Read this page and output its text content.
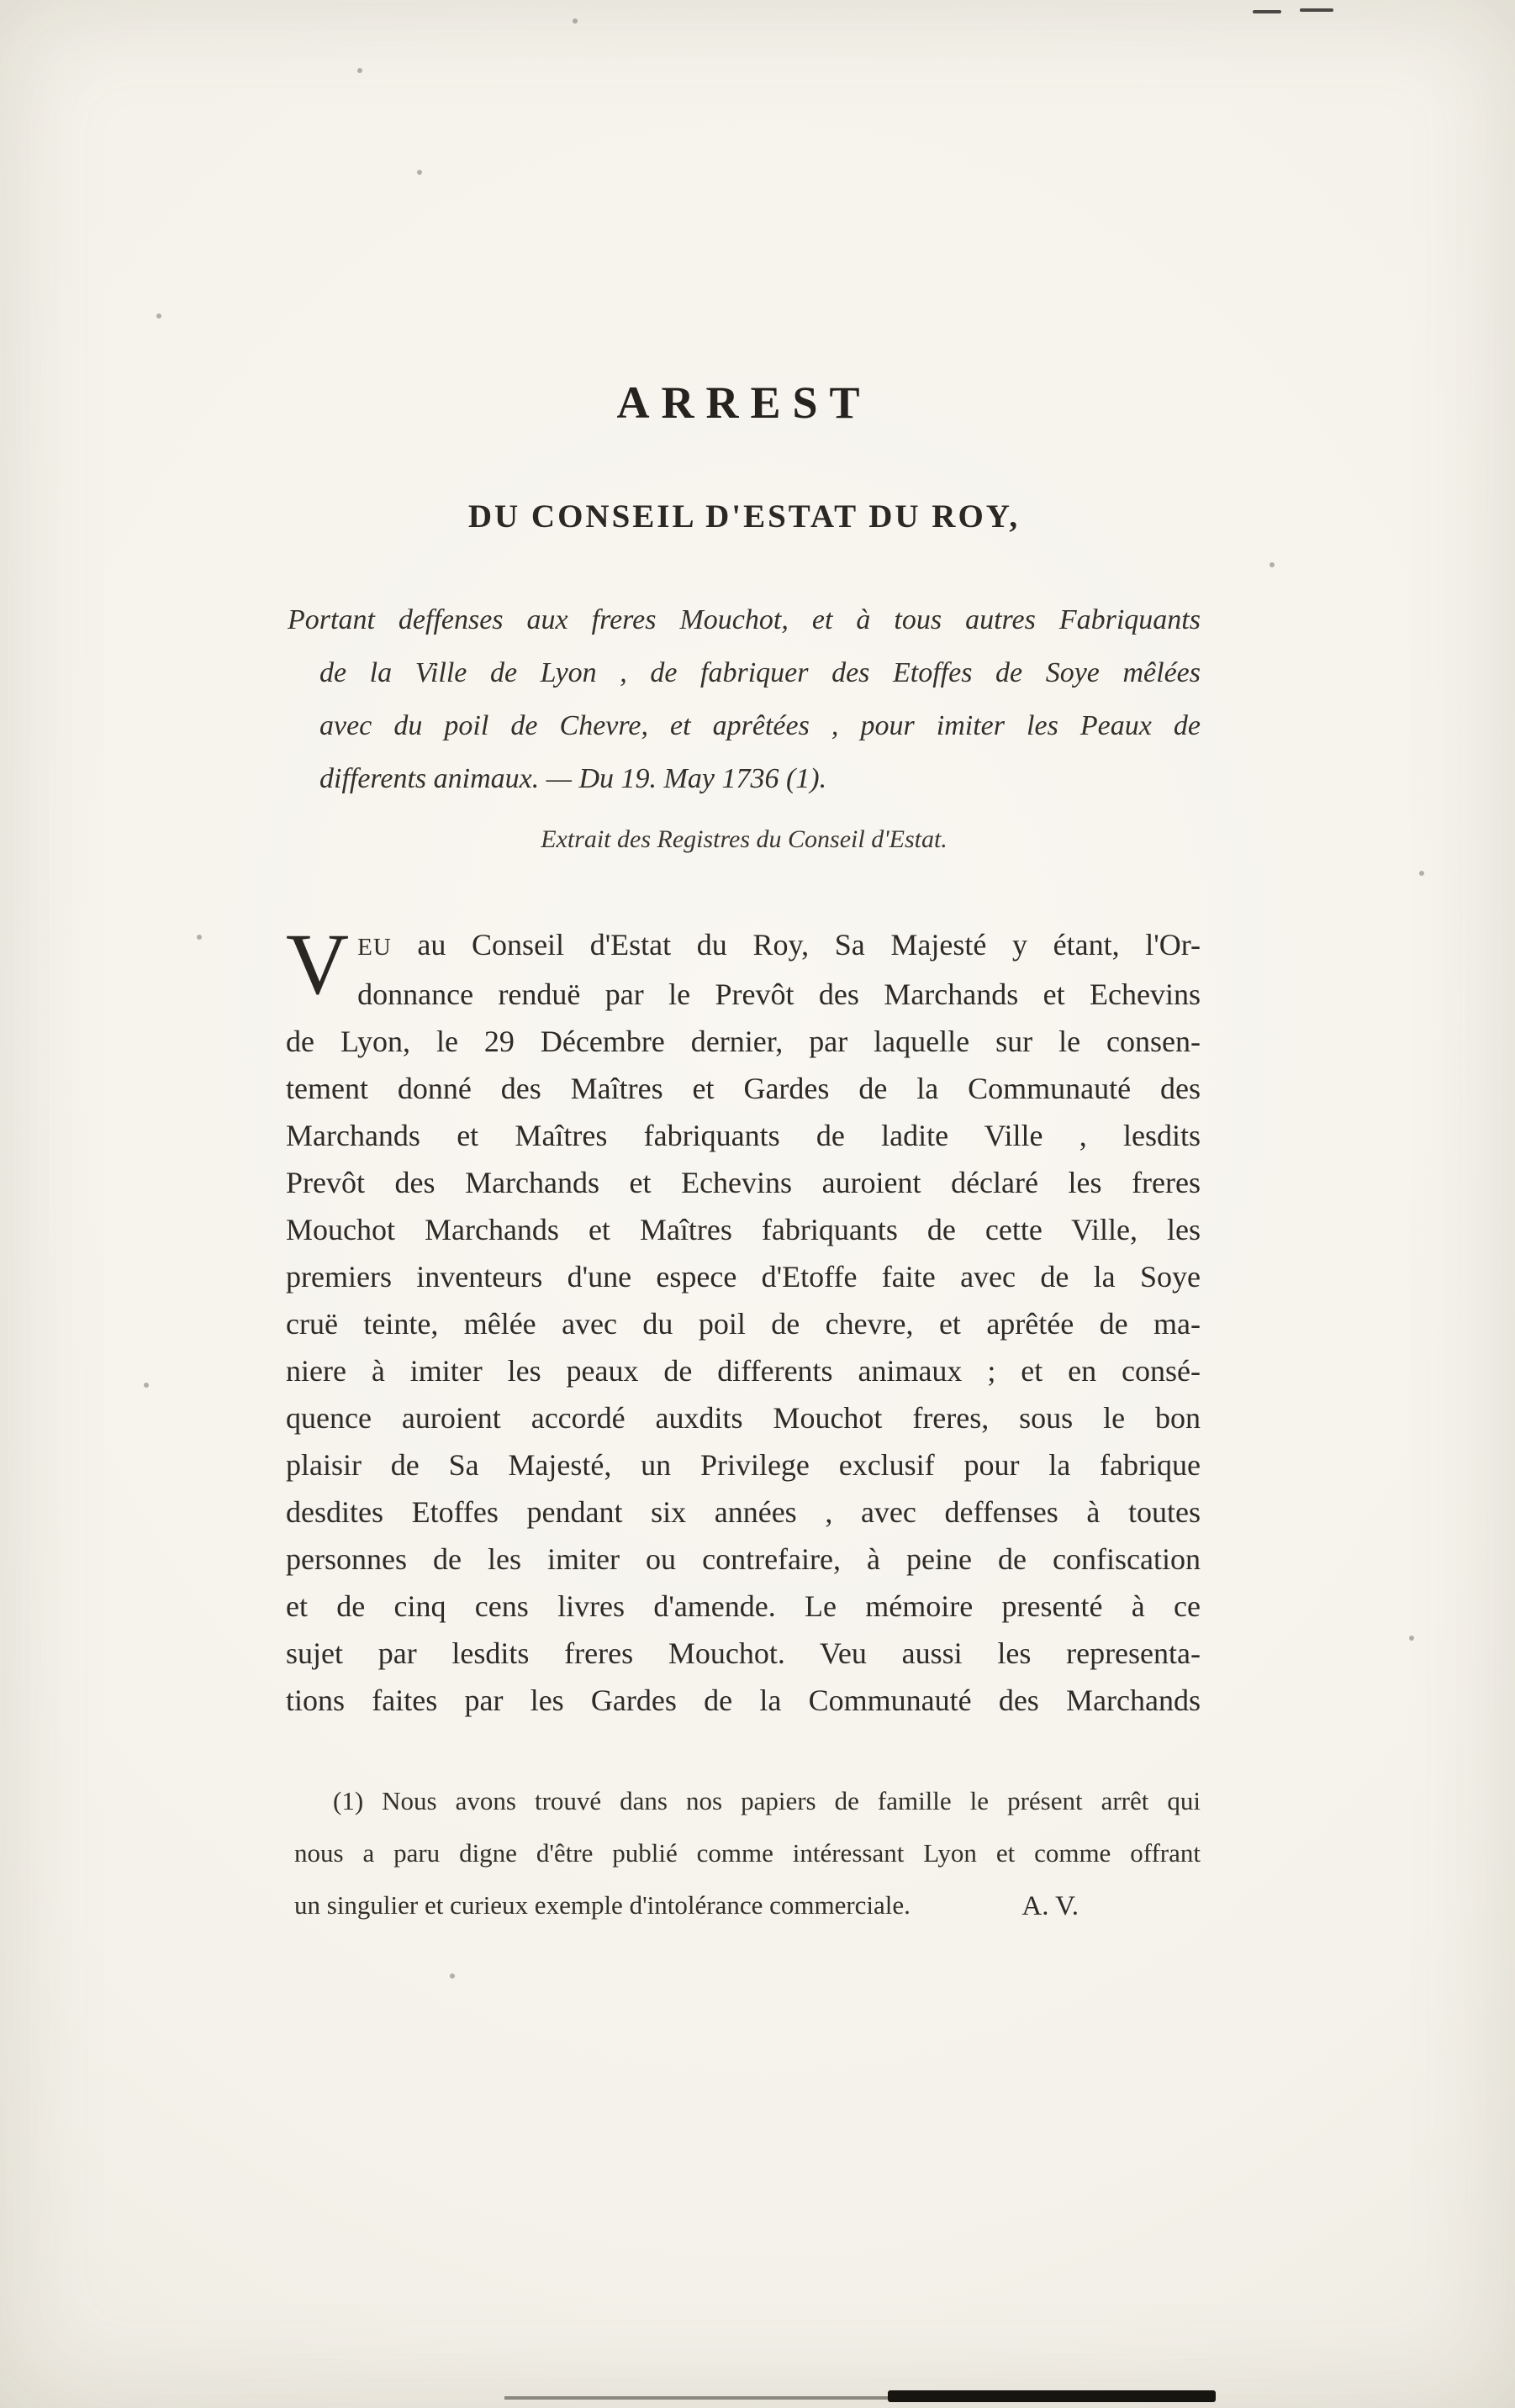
ARREST
DU CONSEIL D'ESTAT DU ROY,
Portant deffenses aux freres Mouchot, et à tous autres Fabriquants
de la Ville de Lyon , de fabriquer des Etoffes de Soye mêlées
avec du poil de Chevre, et aprêtées , pour imiter les Peaux de
differents animaux. — Du 19. May 1736 (1).
Extrait des Registres du Conseil d'Estat.
V EU au Conseil d'Estat du Roy, Sa Majesté y étant, l'Or-
donnance renduë par le Prevôt des Marchands et Echevins
de Lyon, le 29 Décembre dernier, par laquelle sur le consen-
tement donné des Maîtres et Gardes de la Communauté des
Marchands et Maîtres fabriquants de ladite Ville , lesdits
Prevôt des Marchands et Echevins auroient déclaré les freres
Mouchot Marchands et Maîtres fabriquants de cette Ville, les
premiers inventeurs d'une espece d'Etoffe faite avec de la Soye
cruë teinte, mêlée avec du poil de chevre, et aprêtée de ma-
niere à imiter les peaux de differents animaux ; et en consé-
quence auroient accordé auxdits Mouchot freres, sous le bon
plaisir de Sa Majesté, un Privilege exclusif pour la fabrique
desdites Etoffes pendant six années , avec deffenses à toutes
personnes de les imiter ou contrefaire, à peine de confiscation
et de cinq cens livres d'amende. Le mémoire presenté à ce
sujet par lesdits freres Mouchot. Veu aussi les representa-
tions faites par les Gardes de la Communauté des Marchands
(1) Nous avons trouvé dans nos papiers de famille le présent arrêt qui
nous a paru digne d'être publié comme intéressant Lyon et comme offrant
un singulier et curieux exemple d'intolérance commerciale.	A. V.
